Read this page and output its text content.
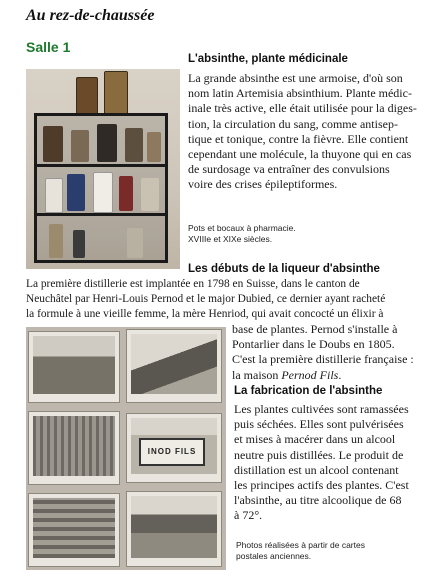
Au rez-de-chaussée
Salle 1
L'absinthe, plante médicinale
La grande absinthe est une armoise, d'où son
nom latin Artemisia absinthium. Plante médic-
inale très active, elle était utilisée pour la diges-
tion, la circulation du sang, comme antisep-
tique et tonique, contre la fièvre. Elle contient
cependant une molécule, la thuyone qui en cas
de surdosage va entraîner des convulsions
voire des crises épileptiformes.
Pots et bocaux à pharmacie.
XVIIIe et XIXe siècles.
Les débuts de la liqueur d'absinthe
La première distillerie est implantée en 1798 en Suisse, dans le canton de
Neuchâtel par Henri-Louis Pernod et le major Dubied, ce dernier ayant racheté
la formule à une vieille femme, la mère Henriod, qui avait concocté un élixir à
base de plantes. Pernod s'installe à
Pontarlier dans le Doubs en 1805.
C'est la première distillerie française :
la maison Pernod Fils.
INOD FILS
La fabrication de l'absinthe
Les plantes cultivées sont ramassées
puis séchées. Elles sont pulvérisées
et mises à macérer dans un alcool
neutre puis distillées. Le produit de
distillation est un alcool contenant
les principes actifs des plantes. C'est
l'absinthe, au titre alcoolique de 68
à 72°.
Photos réalisées à partir de cartes
postales anciennes.
